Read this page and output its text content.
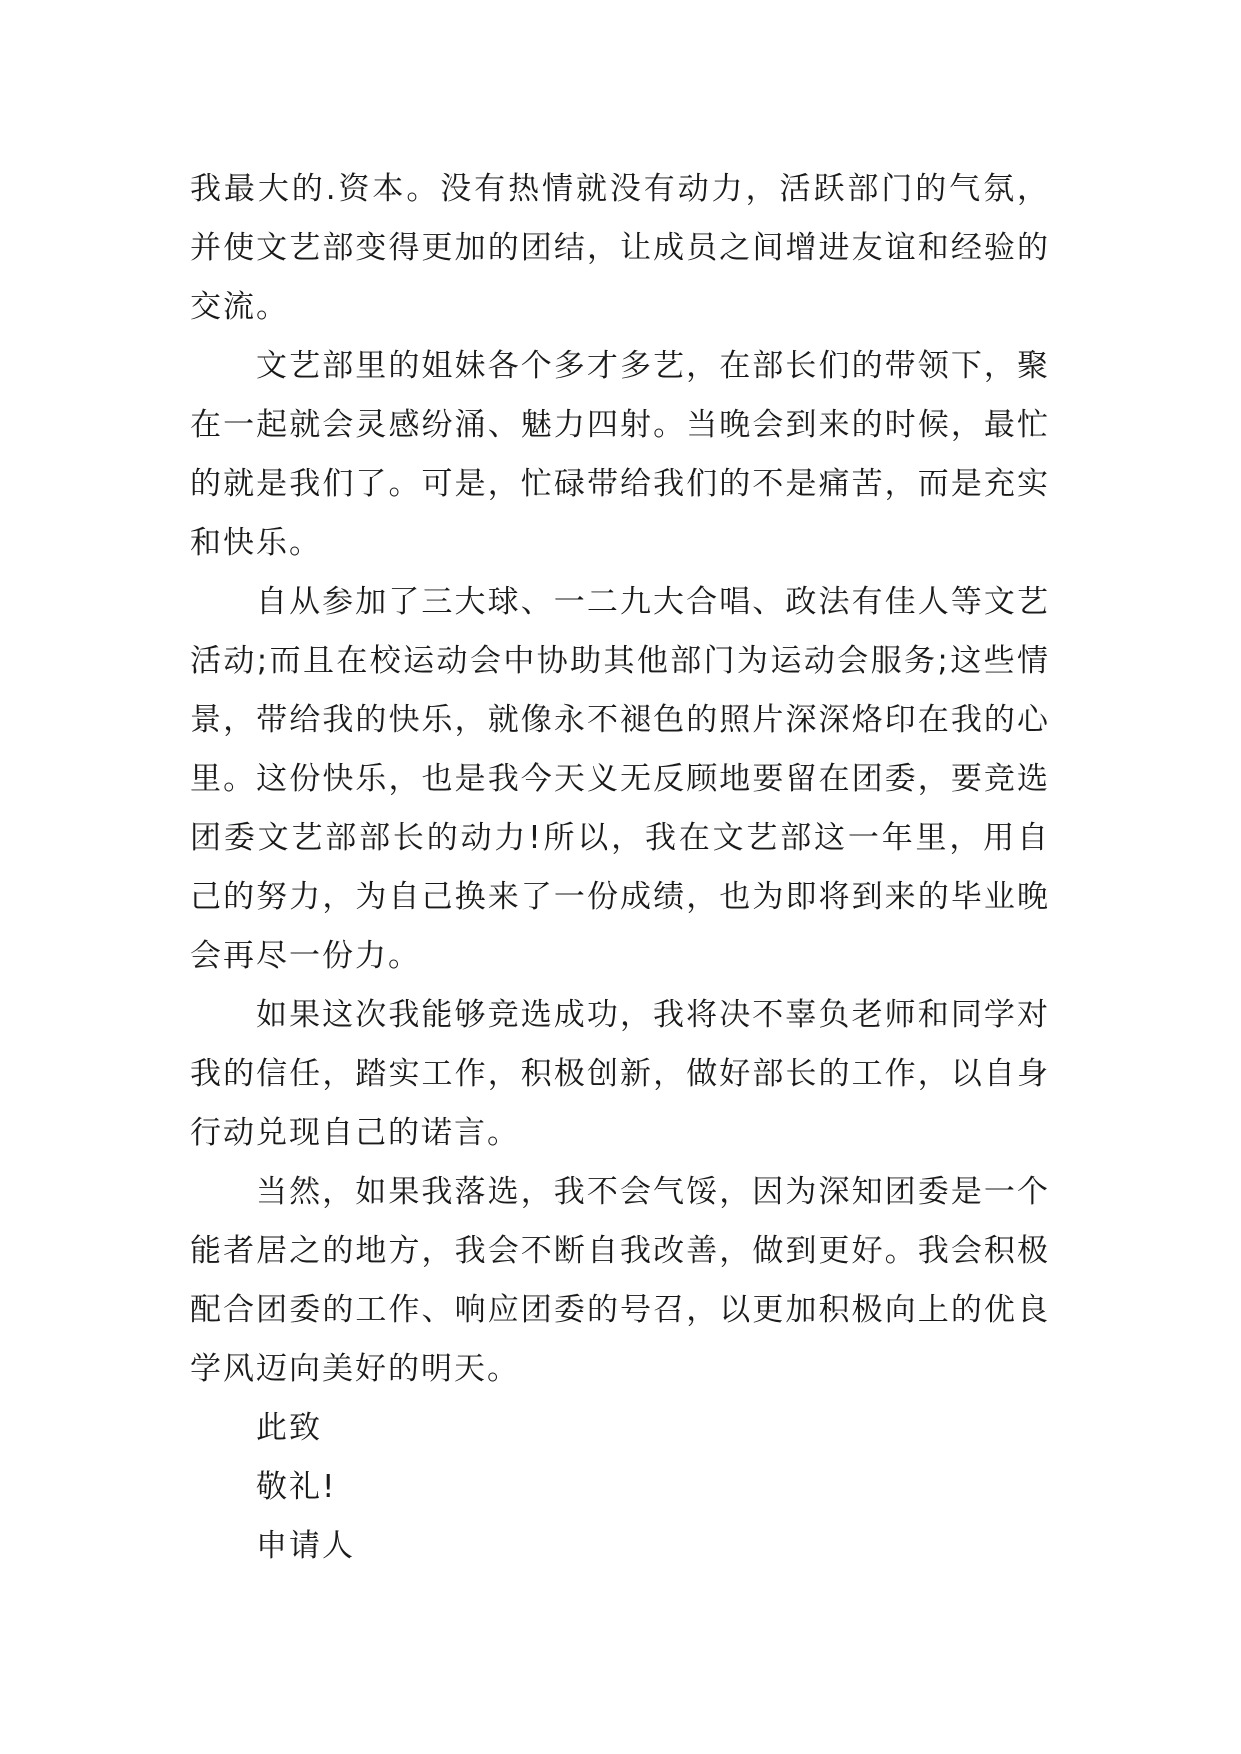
我最大的.资本。没有热情就没有动力，活跃部门的气氛，并使文艺部变得更加的团结，让成员之间增进友谊和经验的交流。

文艺部里的姐妹各个多才多艺，在部长们的带领下，聚在一起就会灵感纷涌、魅力四射。当晚会到来的时候，最忙的就是我们了。可是，忙碌带给我们的不是痛苦，而是充实和快乐。

自从参加了三大球、一二九大合唱、政法有佳人等文艺活动;而且在校运动会中协助其他部门为运动会服务;这些情景，带给我的快乐，就像永不褪色的照片深深烙印在我的心里。这份快乐，也是我今天义无反顾地要留在团委，要竞选团委文艺部部长的动力!所以，我在文艺部这一年里，用自己的努力，为自己换来了一份成绩，也为即将到来的毕业晚会再尽一份力。

如果这次我能够竞选成功，我将决不辜负老师和同学对我的信任，踏实工作，积极创新，做好部长的工作，以自身行动兑现自己的诺言。

当然，如果我落选，我不会气馁，因为深知团委是一个能者居之的地方，我会不断自我改善，做到更好。我会积极配合团委的工作、响应团委的号召，以更加积极向上的优良学风迈向美好的明天。

此致

敬礼!

申请人
